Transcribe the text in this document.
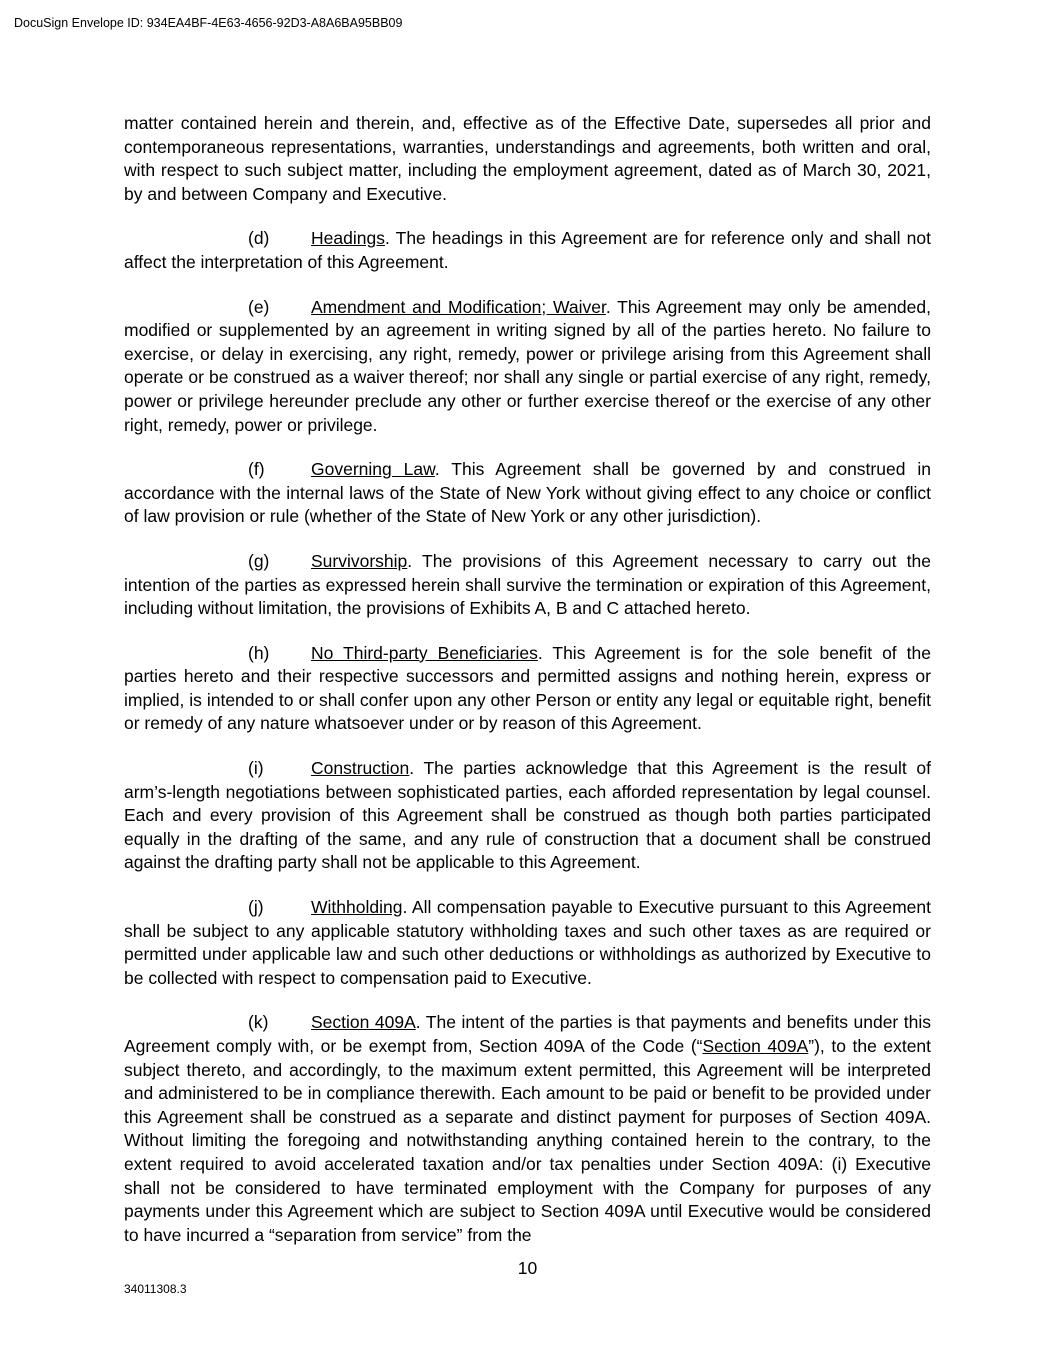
DocuSign Envelope ID: 934EA4BF-4E63-4656-92D3-A8A6BA95BB09

matter contained herein and therein, and, effective as of the Effective Date, supersedes all prior and contemporaneous representations, warranties, understandings and agreements, both written and oral, with respect to such subject matter, including the employment agreement, dated as of March 30, 2021, by and between Company and Executive.

(d) Headings. The headings in this Agreement are for reference only and shall not affect the interpretation of this Agreement.

(e) Amendment and Modification; Waiver. This Agreement may only be amended, modified or supplemented by an agreement in writing signed by all of the parties hereto. No failure to exercise, or delay in exercising, any right, remedy, power or privilege arising from this Agreement shall operate or be construed as a waiver thereof; nor shall any single or partial exercise of any right, remedy, power or privilege hereunder preclude any other or further exercise thereof or the exercise of any other right, remedy, power or privilege.

(f)	Governing Law. This Agreement shall be governed by and construed in accordance with the internal laws of the State of New York without giving effect to any choice or conflict of law provision or rule (whether of the State of New York or any other jurisdiction).

(g) Survivorship. The provisions of this Agreement necessary to carry out the intention of the parties as expressed herein shall survive the termination or expiration of this Agreement, including without limitation, the provisions of Exhibits A, B and C attached hereto.

(h) No Third-party Beneficiaries. This Agreement is for the sole benefit of the parties hereto and their respective successors and permitted assigns and nothing herein, express or implied, is intended to or shall confer upon any other Person or entity any legal or equitable right, benefit or remedy of any nature whatsoever under or by reason of this Agreement.

(i)	Construction. The parties acknowledge that this Agreement is the result of arm’s-length negotiations between sophisticated parties, each afforded representation by legal counsel. Each and every provision of this Agreement shall be construed as though both parties participated equally in the drafting of the same, and any rule of construction that a document shall be construed against the drafting party shall not be applicable to this Agreement.

(j)	Withholding. All compensation payable to Executive pursuant to this Agreement shall be subject to any applicable statutory withholding taxes and such other taxes as are required or permitted under applicable law and such other deductions or withholdings as authorized by Executive to be collected with respect to compensation paid to Executive.

(k) Section 409A. The intent of the parties is that payments and benefits under this Agreement comply with, or be exempt from, Section 409A of the Code (“Section 409A”), to the extent subject thereto, and accordingly, to the maximum extent permitted, this Agreement will be interpreted and administered to be in compliance therewith. Each amount to be paid or benefit to be provided under this Agreement shall be construed as a separate and distinct payment for purposes of Section 409A. Without limiting the foregoing and notwithstanding anything contained herein to the contrary, to the extent required to avoid accelerated taxation and/or tax penalties under Section 409A: (i) Executive shall not be considered to have terminated employment with the Company for purposes of any payments under this Agreement which are subject to Section 409A until Executive would be considered to have incurred a “separation from service” from the

10
34011308.3
